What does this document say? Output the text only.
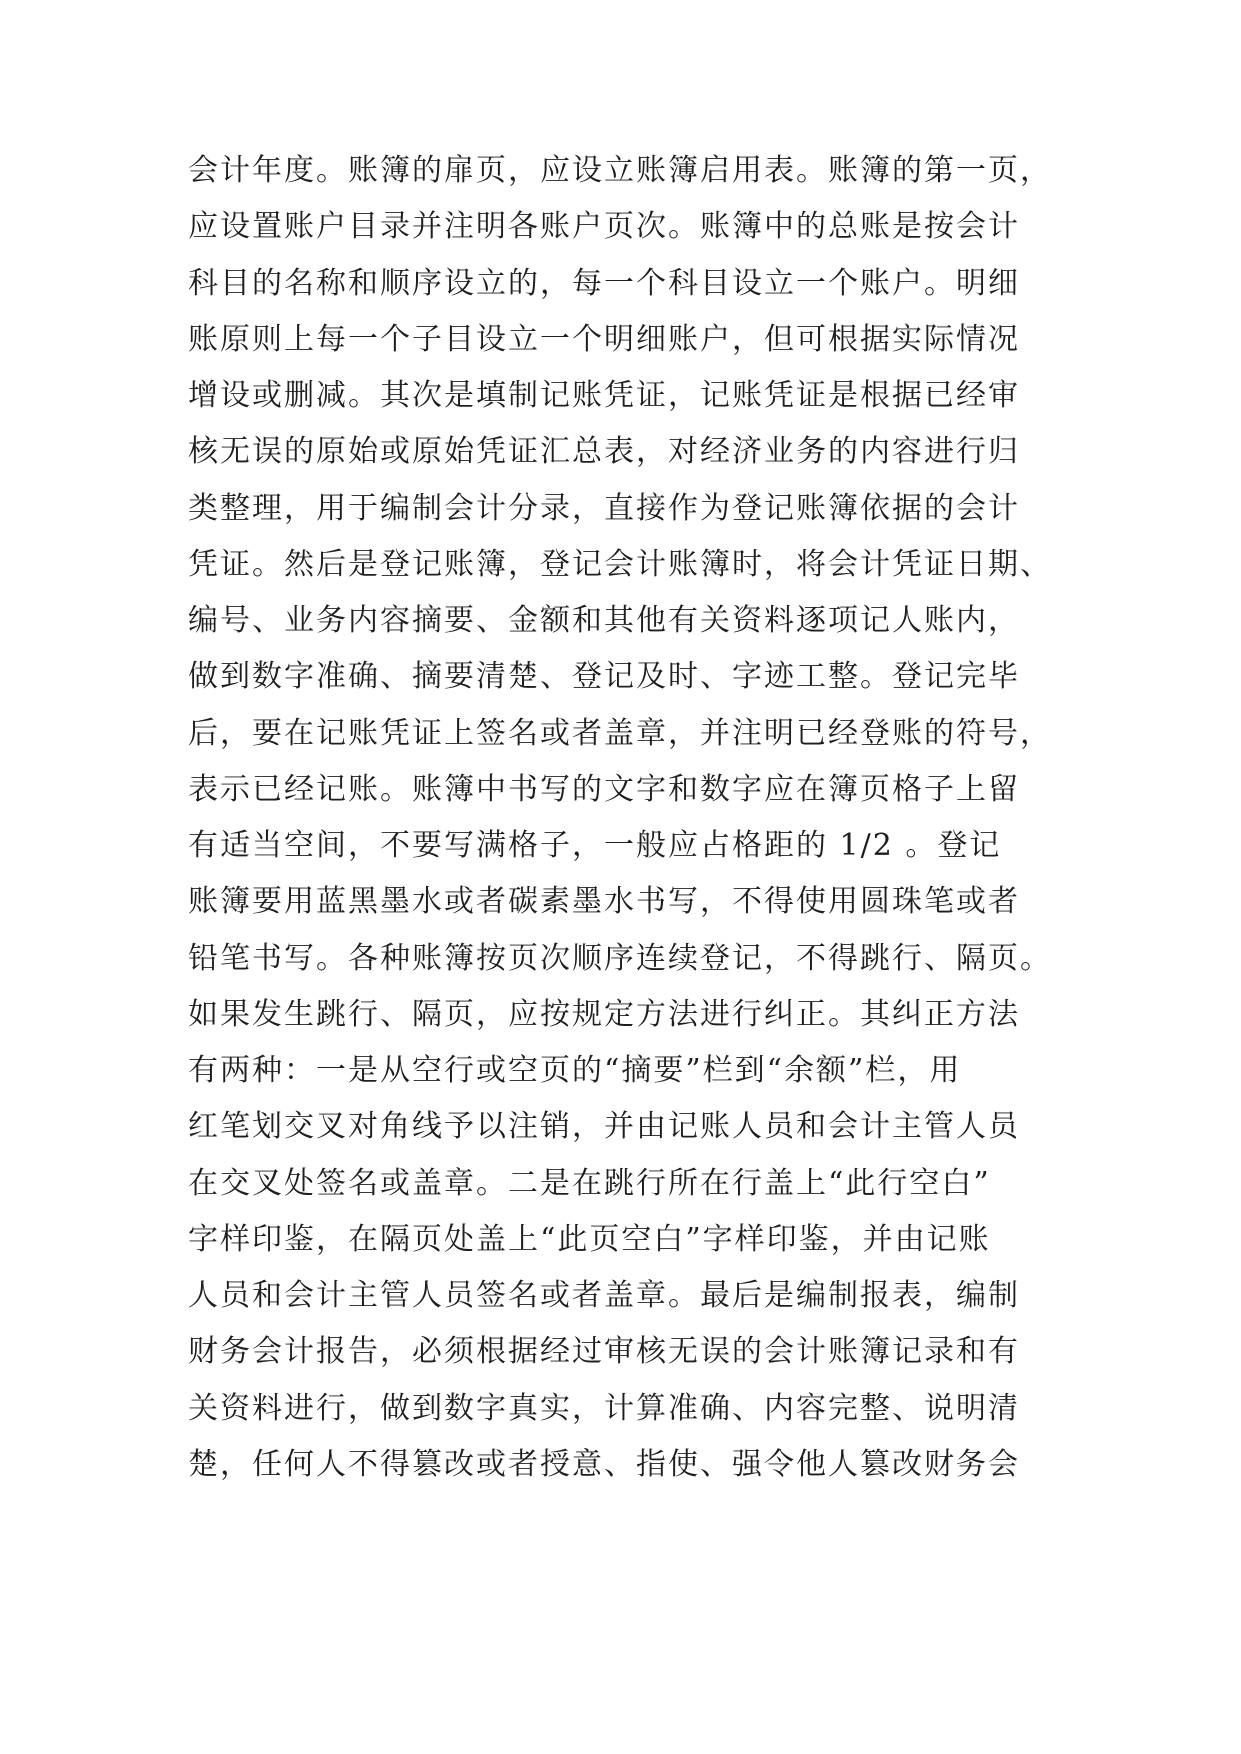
会计年度。账簿的扉页，应设立账簿启用表。账簿的第一页，
应设置账户目录并注明各账户页次。账簿中的总账是按会计
科目的名称和顺序设立的，每一个科目设立一个账户。明细
账原则上每一个子目设立一个明细账户，但可根据实际情况
增设或删减。其次是填制记账凭证，记账凭证是根据已经审
核无误的原始或原始凭证汇总表，对经济业务的内容进行归
类整理，用于编制会计分录，直接作为登记账簿依据的会计
凭证。然后是登记账簿，登记会计账簿时，将会计凭证日期、
编号、业务内容摘要、金额和其他有关资料逐项记人账内，
做到数字准确、摘要清楚、登记及时、字迹工整。登记完毕
后，要在记账凭证上签名或者盖章，并注明已经登账的符号，
表示已经记账。账簿中书写的文字和数字应在簿页格子上留
有适当空间，不要写满格子，一般应占格距的 1/2 。登记
账簿要用蓝黑墨水或者碳素墨水书写，不得使用圆珠笔或者
铅笔书写。各种账簿按页次顺序连续登记，不得跳行、隔页。
如果发生跳行、隔页，应按规定方法进行纠正。其纠正方法
有两种：一是从空行或空页的“摘要”栏到“余额”栏，用
红笔划交叉对角线予以注销，并由记账人员和会计主管人员
在交叉处签名或盖章。二是在跳行所在行盖上“此行空白”
字样印鉴，在隔页处盖上“此页空白”字样印鉴，并由记账
人员和会计主管人员签名或者盖章。最后是编制报表，编制
财务会计报告，必须根据经过审核无误的会计账簿记录和有
关资料进行，做到数字真实，计算准确、内容完整、说明清
楚，任何人不得篡改或者授意、指使、强令他人篡改财务会
